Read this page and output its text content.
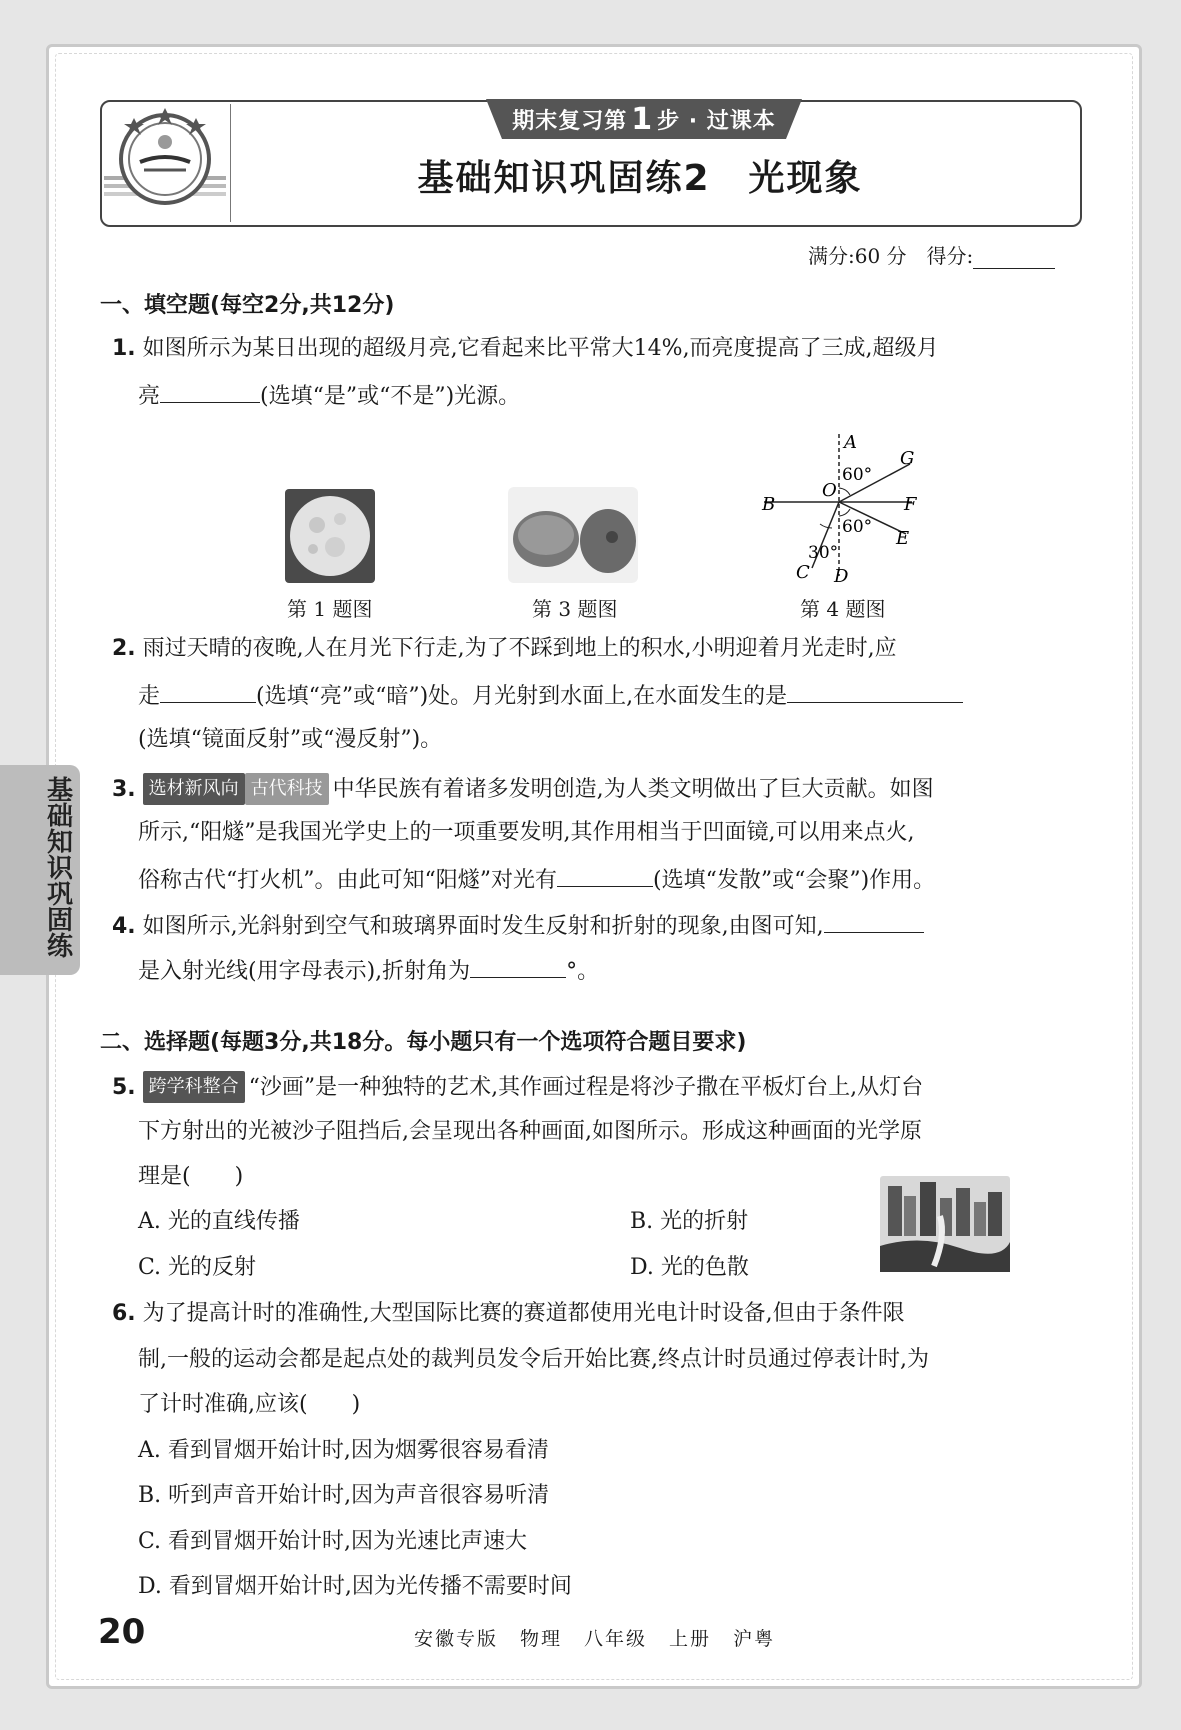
期末复习第 1 步 · 过课本
基础知识巩固练2　光现象
满分:60 分　得分:
基础知识巩固练
一、填空题(每空2分,共12分)
1. 如图所示为某日出现的超级月亮,它看起来比平常大14%,而亮度提高了三成,超级月
亮	(选填“是”或“不是”)光源。
第 1 题图	第 3 题图
A
B
C D
E
F
G
O
60°
60°
30°
第 4 题图
2. 雨过天晴的夜晚,人在月光下行走,为了不踩到地上的积水,小明迎着月光走时,应
走	(选填“亮”或“暗”)处。月光射到水面上,在水面发生的是
(选填“镜面反射”或“漫反射”)。
3. 选材新风向 古代科技 中华民族有着诸多发明创造,为人类文明做出了巨大贡献。如图
所示,“阳燧”是我国光学史上的一项重要发明,其作用相当于凹面镜,可以用来点火,
俗称古代“打火机”。由此可知“阳燧”对光有	(选填“发散”或“会聚”)作用。
4. 如图所示,光斜射到空气和玻璃界面时发生反射和折射的现象,由图可知,
是入射光线(用字母表示),折射角为	°。
二、选择题(每题3分,共18分。每小题只有一个选项符合题目要求)
5. 跨学科整合 “沙画”是一种独特的艺术,其作画过程是将沙子撒在平板灯台上,从灯台
下方射出的光被沙子阻挡后,会呈现出各种画面,如图所示。形成这种画面的光学原
理是(　　)
A. 光的直线传播	B. 光的折射
C. 光的反射	D. 光的色散
6. 为了提高计时的准确性,大型国际比赛的赛道都使用光电计时设备,但由于条件限
制,一般的运动会都是起点处的裁判员发令后开始比赛,终点计时员通过停表计时,为
了计时准确,应该(　　)
A. 看到冒烟开始计时,因为烟雾很容易看清
B. 听到声音开始计时,因为声音很容易听清
C. 看到冒烟开始计时,因为光速比声速大
D. 看到冒烟开始计时,因为光传播不需要时间
20	安徽专版 物理 八年级 上册 沪粤
